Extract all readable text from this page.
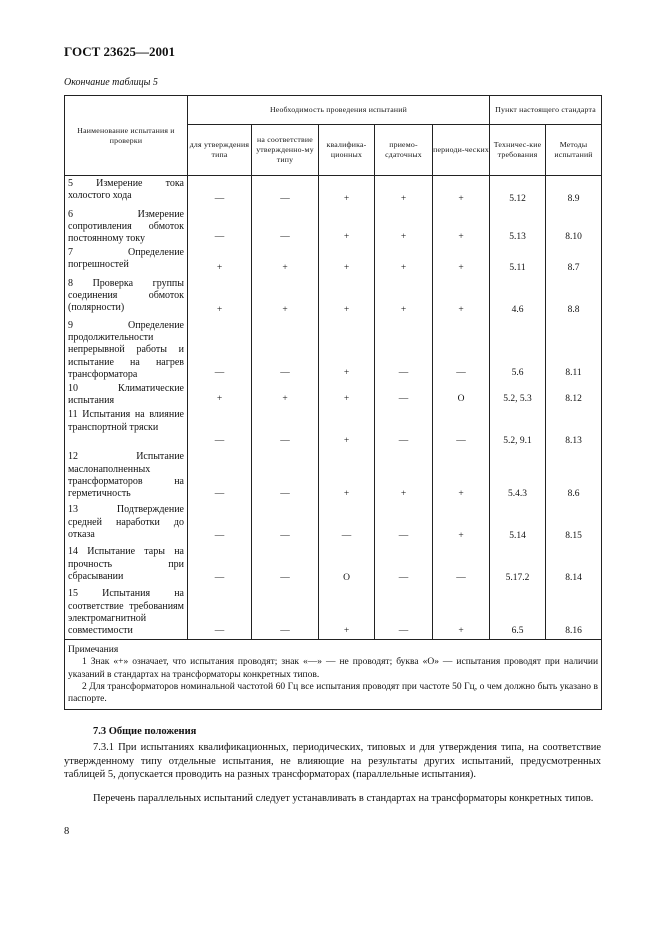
ГОСТ 23625—2001
Окончание таблицы 5
Наименование испытания и проверки	Необходимость проведения испытаний					Пункт настоящего стандарта	
	для утверждения типа	на соответствие утвержденно-му типу	квалифика-ционных	приемо-сдаточных	периоди-ческих	Техничес-кие требования	Методы испытаний
5 Измерение тока холостого хода	—	—	+	+	+	5.12	8.9
6 Измерение сопротивления обмоток постоянному току	—	—	+	+	+	5.13	8.10
7 Определение погрешностей	+	+	+	+	+	5.11	8.7
8 Проверка группы соединения обмоток (полярности)	+	+	+	+	+	4.6	8.8
9 Определение продолжительности непрерывной работы и испытание на нагрев трансформатора	—	—	+	—	—	5.6	8.11
10 Климатические испытания	+	+	+	—	О	5.2, 5.3	8.12
11 Испытания на влияние транспортной тряски	—	—	+	—	—	5.2, 9.1	8.13
12 Испытание маслонаполненных трансформаторов на герметичность	—	—	+	+	+	5.4.3	8.6
13 Подтверждение средней наработки до отказа	—	—	—	—	+	5.14	8.15
14 Испытание тары на прочность при сбрасывании	—	—	О	—	—	5.17.2	8.14
15 Испытания на соответствие требованиям электромагнитной совместимости	—	—	+	—	+	6.5	8.16

Примечания
1 Знак «+» означает, что испытания проводят; знак «—» — не проводят; буква «О» — испытания проводят при наличии указаний в стандартах на трансформаторы конкретных типов.
2 Для трансформаторов номинальной частотой 60 Гц все испытания проводят при частоте 50 Гц, о чем должно быть указано в паспорте.							
7.3 Общие положения
7.3.1 При испытаниях квалификационных, периодических, типовых и для утверждения типа, на соответствие утвержденному типу отдельные испытания, не влияющие на результаты других испытаний, предусмотренных таблицей 5, допускается проводить на разных трансформаторах (параллельные испытания).
Перечень параллельных испытаний следует устанавливать в стандартах на трансформаторы конкретных типов.
8
